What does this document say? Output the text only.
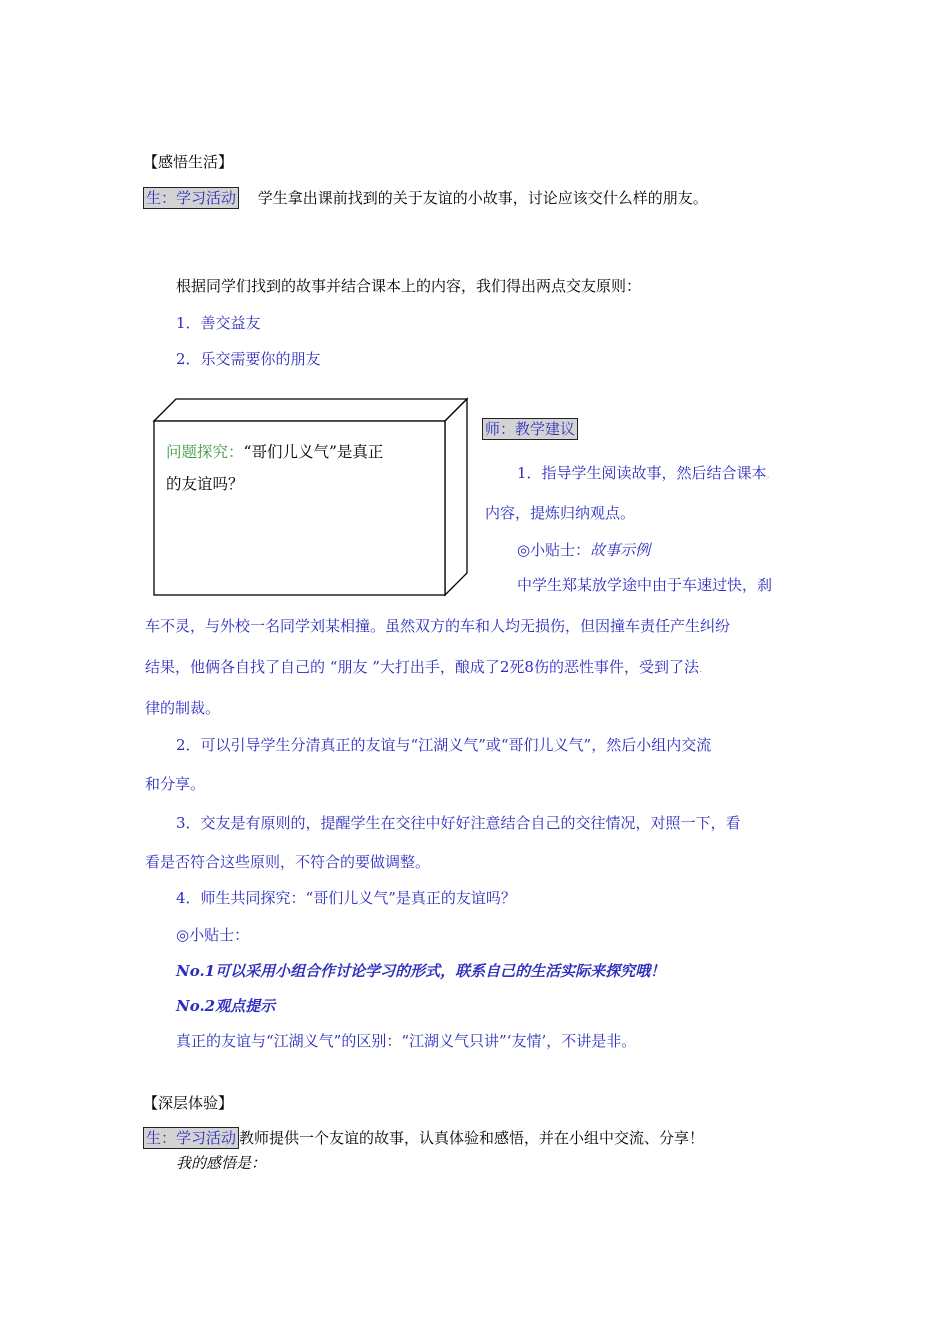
【感悟生活】
生：学习活动 学生拿出课前找到的关于友谊的小故事，讨论应该交什么样的朋友。
根据同学们找到的故事并结合课本上的内容，我们得出两点交友原则：
1．善交益友
2．乐交需要你的朋友
问题探究：“哥们儿义气”是真正
的友谊吗？
师：教学建议
1．指导学生阅读故事，然后结合课本.
内容，提炼归纳观点。
◎小贴士：故事示例
中学生郑某放学途中由于车速过快，刹
车不灵，与外校一名同学刘某相撞。虽然双方的车和人均无损伤，但因撞车责任产生纠纷
结果，他俩各自找了自己的 “朋友 ”大打出手，酿成了2死8伤的恶性事件，受到了法.
律的制裁。
2．可以引导学生分清真正的友谊与“江湖义气”或“哥们儿义气”，然后小组内交流
和分享。
3．交友是有原则的，提醒学生在交往中好好注意结合自己的交往情况，对照一下，看
看是否符合这些原则，不符合的要做调整。
4．师生共同探究：“哥们儿义气”是真正的友谊吗？
◎小贴士：
No.1可以采用小组合作讨论学习的形式，联系自己的生活实际来探究哦！
No.2观点提示
真正的友谊与“江湖义气”的区别：“江湖义气只讲”‘友情’，不讲是非。
【深层体验】
生：学习活动 教师提供一个友谊的故事，认真体验和感悟，并在小组中交流、分享！
我的感悟是：
